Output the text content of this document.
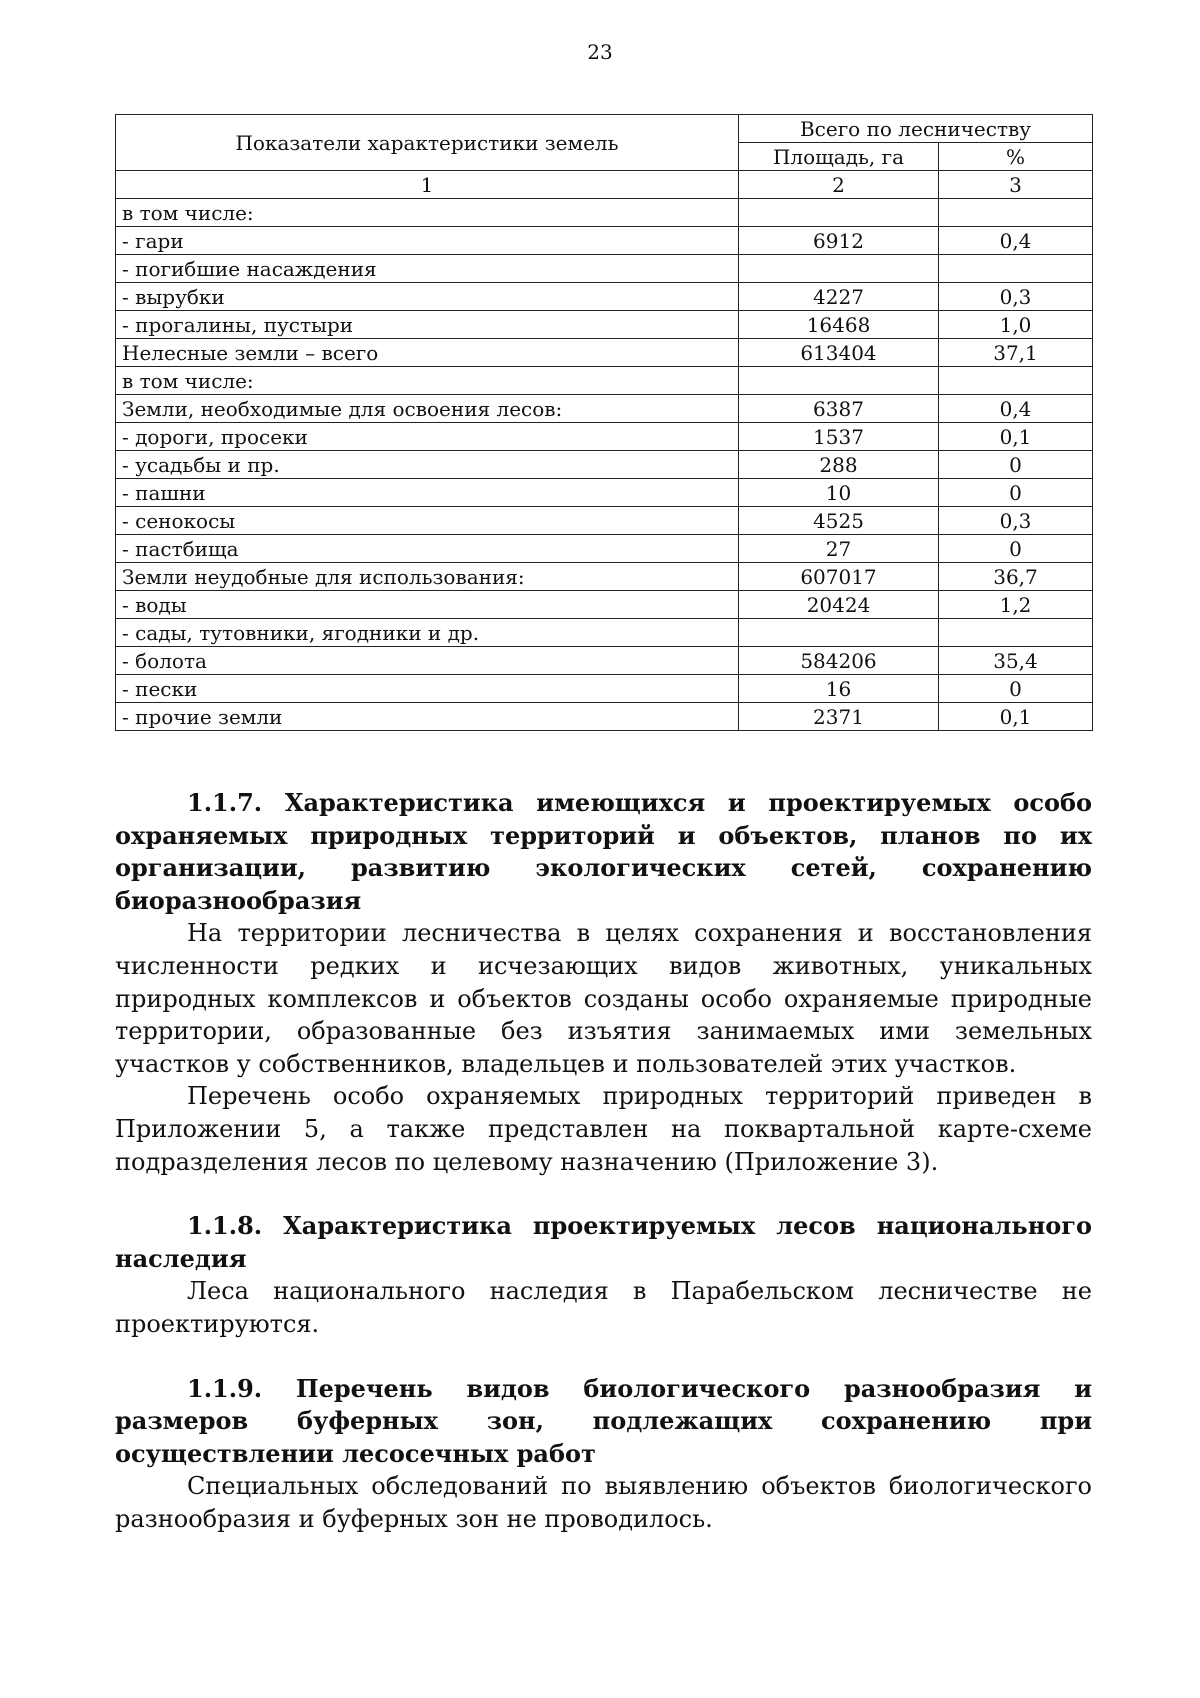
23
Показатели характеристики земель	Всего по лесничеству	
	Площадь, га	%
1	2	3
в том числе:		
- гари	6912	0,4
- погибшие насаждения		
- вырубки	4227	0,3
- прогалины, пустыри	16468	1,0
Нелесные земли – всего	613404	37,1
в том числе:		
Земли, необходимые для освоения лесов:	6387	0,4
- дороги, просеки	1537	0,1
- усадьбы и пр.	288	0
- пашни	10	0
- сенокосы	4525	0,3
- пастбища	27	0
Земли неудобные для использования:	607017	36,7
- воды	20424	1,2
- сады, тутовники, ягодники и др.		
- болота	584206	35,4
- пески	16	0
- прочие земли	2371	0,1

1.1.7. Характеристика имеющихся и проектируемых особо охраняемых природных территорий и объектов, планов по их организации, развитию экологических сетей, сохранению биоразнообразия

На территории лесничества в целях сохранения и восстановления численности редких и исчезающих видов животных, уникальных природных комплексов и объектов созданы особо охраняемые природные территории, образованные без изъятия занимаемых ими земельных участков у собственников, владельцев и пользователей этих участков.

Перечень особо охраняемых природных территорий приведен в Приложении 5, а также представлен на поквартальной карте-схеме подразделения лесов по целевому назначению (Приложение 3).

1.1.8. Характеристика проектируемых лесов национального наследия

Леса национального наследия в Парабельском лесничестве не проектируются.

1.1.9. Перечень видов биологического разнообразия и размеров буферных зон, подлежащих сохранению при осуществлении лесосечных работ

Специальных обследований по выявлению объектов биологического разнообразия и буферных зон не проводилось.
